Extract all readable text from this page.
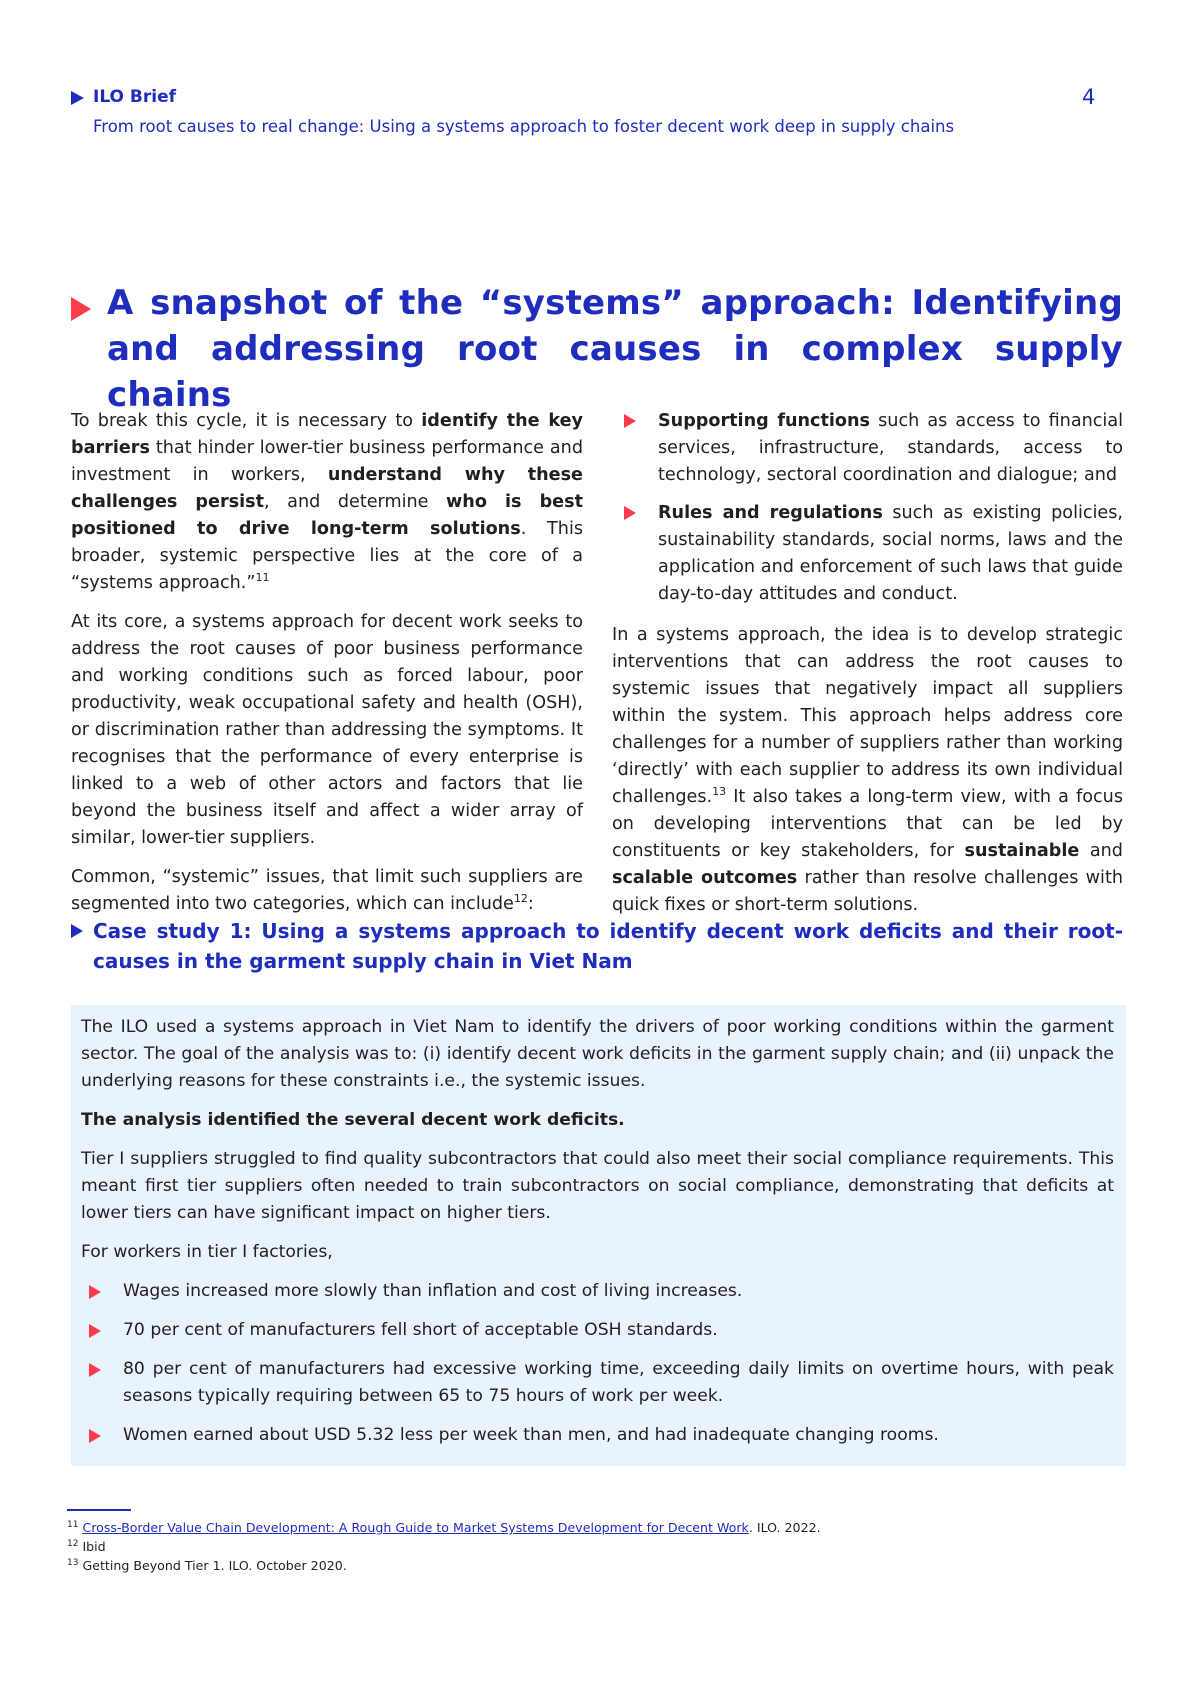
ILO Brief
From root causes to real change: Using a systems approach to foster decent work deep in supply chains
4
A snapshot of the “systems” approach: Identifying and addressing root causes in complex supply chains

To break this cycle, it is necessary to identify the key barriers that hinder lower-tier business performance and investment in workers, understand why these challenges persist, and determine who is best positioned to drive long-term solutions. This broader, systemic perspective lies at the core of a “systems approach.”$^{11}$

At its core, a systems approach for decent work seeks to address the root causes of poor business performance and working conditions such as forced labour, poor productivity, weak occupational safety and health (OSH), or discrimination rather than addressing the symptoms. It recognises that the performance of every enterprise is linked to a web of other actors and factors that lie beyond the business itself and affect a wider array of similar, lower-tier suppliers.

Common, “systemic” issues, that limit such suppliers are segmented into two categories, which can include$^{12}$:

Supporting functions such as access to financial services, infrastructure, standards, access to technology, sectoral coordination and dialogue; and

Rules and regulations such as existing policies, sustainability standards, social norms, laws and the application and enforcement of such laws that guide day-to-day attitudes and conduct.

In a systems approach, the idea is to develop strategic interventions that can address the root causes to systemic issues that negatively impact all suppliers within the system. This approach helps address core challenges for a number of suppliers rather than working ‘directly’ with each supplier to address its own individual challenges.$^{13}$ It also takes a long-term view, with a focus on developing interventions that can be led by constituents or key stakeholders, for sustainable and scalable outcomes rather than resolve challenges with quick fixes or short-term solutions.

Case study 1: Using a systems approach to identify decent work deficits and their root-causes in the garment supply chain in Viet Nam

The ILO used a systems approach in Viet Nam to identify the drivers of poor working conditions within the garment sector. The goal of the analysis was to: (i) identify decent work deficits in the garment supply chain; and (ii) unpack the underlying reasons for these constraints i.e., the systemic issues.

The analysis identified the several decent work deficits.

Tier I suppliers struggled to find quality subcontractors that could also meet their social compliance requirements. This meant first tier suppliers often needed to train subcontractors on social compliance, demonstrating that deficits at lower tiers can have significant impact on higher tiers.

For workers in tier I factories,

Wages increased more slowly than inflation and cost of living increases.

70 per cent of manufacturers fell short of acceptable OSH standards.

80 per cent of manufacturers had excessive working time, exceeding daily limits on overtime hours, with peak seasons typically requiring between 65 to 75 hours of work per week.

Women earned about USD 5.32 less per week than men, and had inadequate changing rooms.

$^{11}$ Cross-Border Value Chain Development: A Rough Guide to Market Systems Development for Decent Work. ILO. 2022.
$^{12}$ Ibid
$^{13}$ Getting Beyond Tier 1. ILO. October 2020.
